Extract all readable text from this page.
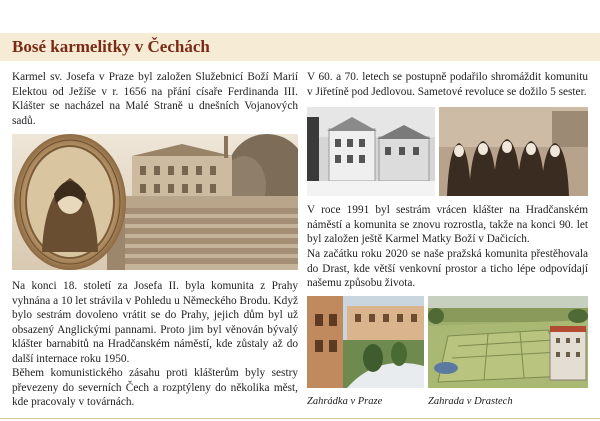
Bosé karmelitky v Čechách

Karmel sv. Josefa v Praze byl založen Služebnicí Boží Marií Elektou od Ježíše v r. 1656 na přání císaře Ferdinanda III. Klášter se nacházel na Malé Straně u dnešních Vojanových sadů.

Na konci 18. století za Josefa II. byla komunita z Prahy vyhnána a 10 let strávila v Pohledu u Německého Brodu. Když bylo sestrám dovoleno vrátit se do Prahy, jejich dům byl už obsazený Anglickými pannami. Proto jim byl věnován bývalý klášter barnabitů na Hradčanském náměstí, kde zůstaly až do další internace roku 1950.

Během komunistického zásahu proti klášterům byly sestry převezeny do severních Čech a rozptýleny do několika měst, kde pracovaly v továrnách.

V 60. a 70. letech se postupně podařilo shromáždit komunitu v Jiřetíně pod Jedlovou. Sametové revoluce se dožilo 5 sester.

V roce 1991 byl sestrám vrácen klášter na Hradčanském náměstí a komunita se znovu rozrostla, takže na konci 90. let byl založen ještě Karmel Matky Boží v Dačicích.

Na začátku roku 2020 se naše pražská komunita přestěhovala do Drast, kde větší venkovní prostor a ticho lépe odpovídají našemu způsobu života.

Zahrádka v Praze	Zahrada v Drastech
